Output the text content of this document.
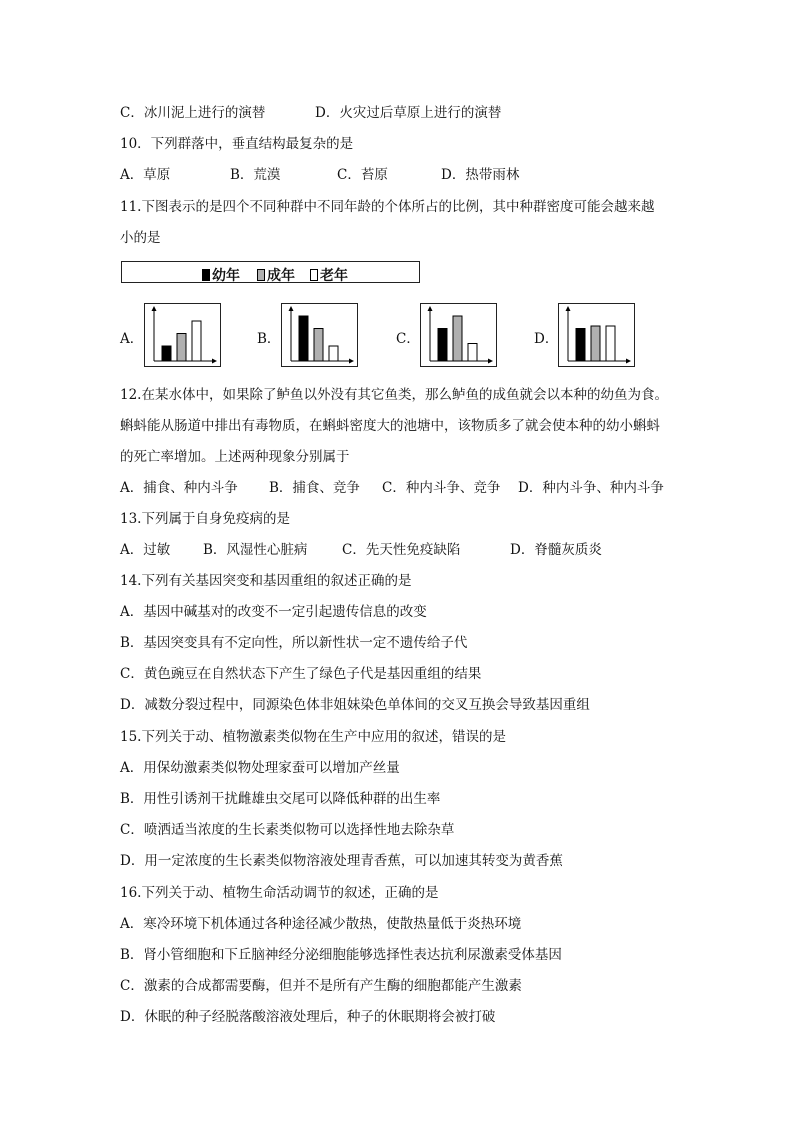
C．冰川泥上进行的演替	D．火灾过后草原上进行的演替
10．下列群落中，垂直结构最复杂的是
A．草原	B．荒漠	C．苔原	D．热带雨林
11.下图表示的是四个不同种群中不同年龄的个体所占的比例，其中种群密度可能会越来越
小的是
幼年	成年	老年
A．	B．	C．	D．
12.在某水体中，如果除了鲈鱼以外没有其它鱼类，那么鲈鱼的成鱼就会以本种的幼鱼为食。
蝌蚪能从肠道中排出有毒物质，在蝌蚪密度大的池塘中，该物质多了就会使本种的幼小蝌蚪
的死亡率增加。上述两种现象分别属于
A．捕食、种内斗争 B．捕食、竞争 C．种内斗争、竞争 D．种内斗争、种内斗争
13.下列属于自身免疫病的是
A．过敏 B．风湿性心脏病	C．先天性免疫缺陷	D．脊髓灰质炎
14.下列有关基因突变和基因重组的叙述正确的是
A．基因中碱基对的改变不一定引起遗传信息的改变
B．基因突变具有不定向性，所以新性状一定不遗传给子代
C．黄色豌豆在自然状态下产生了绿色子代是基因重组的结果
D．减数分裂过程中，同源染色体非姐妹染色单体间的交叉互换会导致基因重组
15.下列关于动、植物激素类似物在生产中应用的叙述，错误的是
A．用保幼激素类似物处理家蚕可以增加产丝量
B．用性引诱剂干扰雌雄虫交尾可以降低种群的出生率
C．喷洒适当浓度的生长素类似物可以选择性地去除杂草
D．用一定浓度的生长素类似物溶液处理青香蕉，可以加速其转变为黄香蕉
16.下列关于动、植物生命活动调节的叙述，正确的是
A．寒冷环境下机体通过各种途径减少散热，使散热量低于炎热环境
B．肾小管细胞和下丘脑神经分泌细胞能够选择性表达抗利尿激素受体基因
C．激素的合成都需要酶，但并不是所有产生酶的细胞都能产生激素
D．休眠的种子经脱落酸溶液处理后，种子的休眠期将会被打破
